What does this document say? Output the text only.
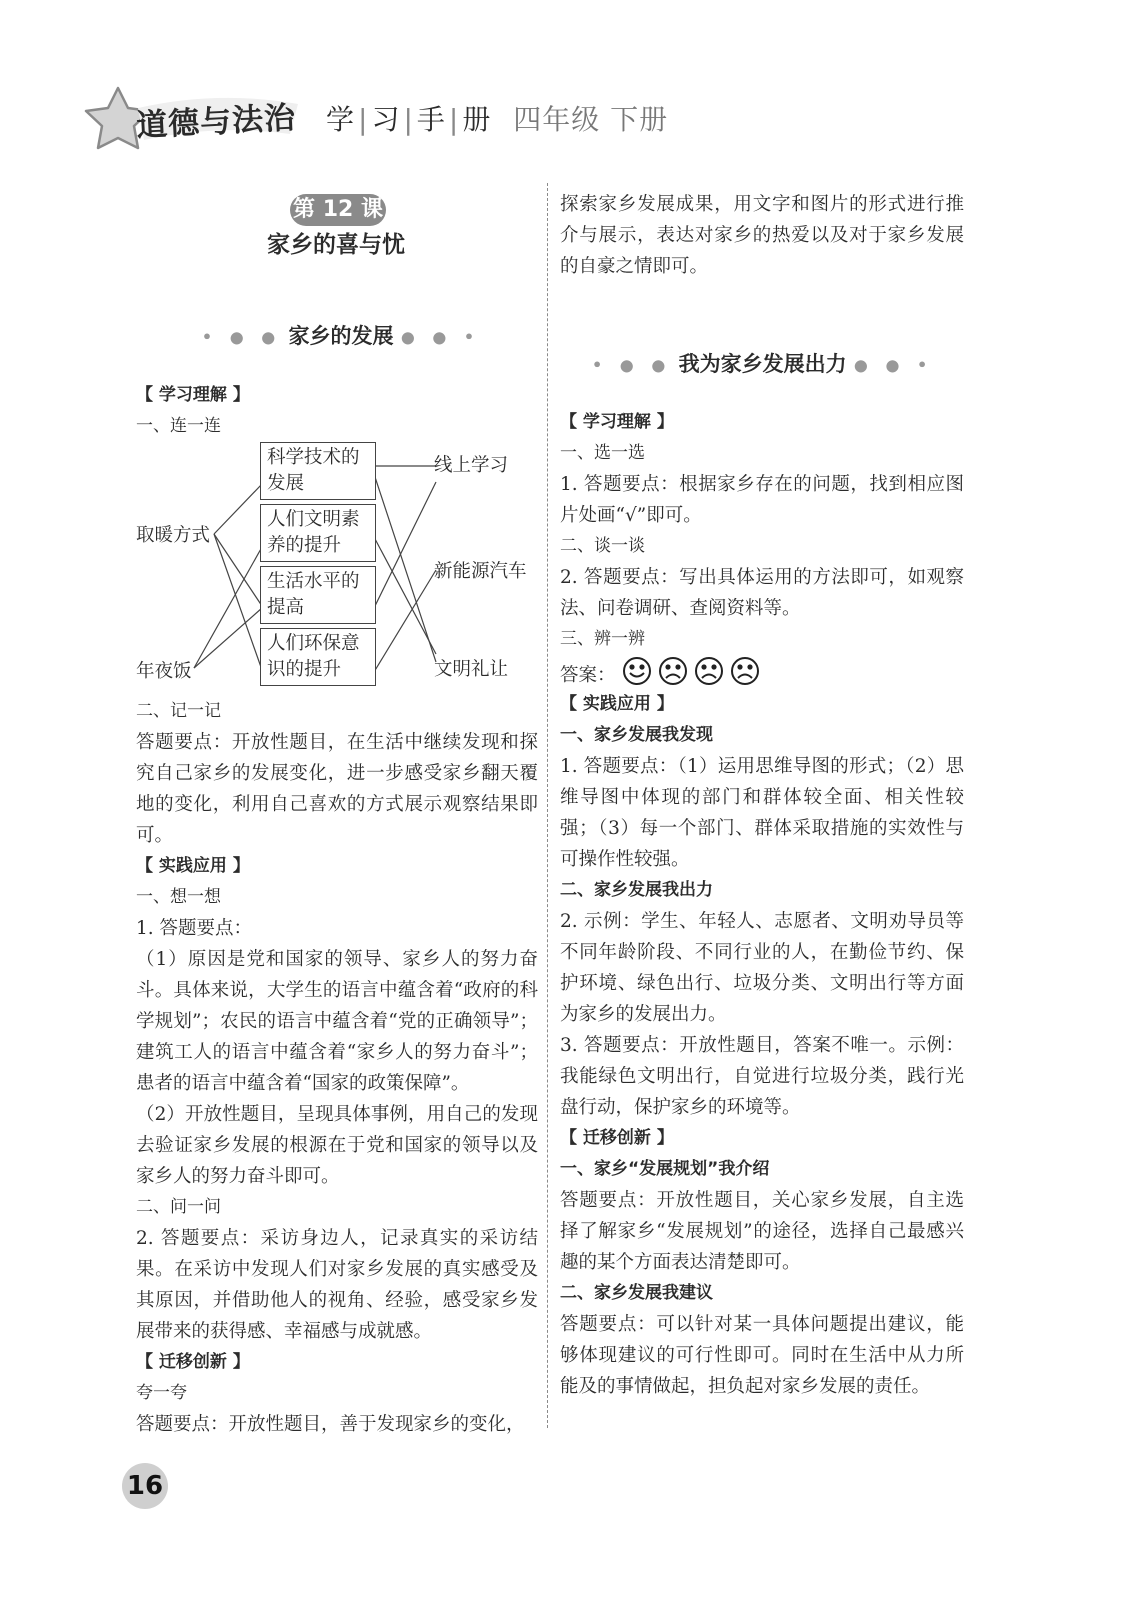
道德与法治 学 | 习 | 手 | 册 四年级 下册
第 12 课
家乡的喜与忧
• ● ● 家乡的发展 ● ● •
【 学习理解 】
一、连一连
取暖方式
年夜饭
科学技术的发展
人们文明素养的提升
生活水平的提高
人们环保意识的提升
线上学习
新能源汽车
文明礼让
二、记一记

答题要点：开放性题目，在生活中继续发现和探究自己家乡的发展变化，进一步感受家乡翻天覆地的变化，利用自己喜欢的方式展示观察结果即可。

【 实践应用 】
一、想一想

1. 答题要点：

（1）原因是党和国家的领导、家乡人的努力奋斗。具体来说，大学生的语言中蕴含着“政府的科学规划”；农民的语言中蕴含着“党的正确领导”；建筑工人的语言中蕴含着“家乡人的努力奋斗”；患者的语言中蕴含着“国家的政策保障”。

（2）开放性题目，呈现具体事例，用自己的发现去验证家乡发展的根源在于党和国家的领导以及家乡人的努力奋斗即可。

二、问一问

2. 答题要点：采访身边人，记录真实的采访结果。在采访中发现人们对家乡发展的真实感受及其原因，并借助他人的视角、经验，感受家乡发展带来的获得感、幸福感与成就感。

【 迁移创新 】
夸一夸

答题要点：开放性题目，善于发现家乡的变化，

探索家乡发展成果，用文字和图片的形式进行推介与展示，表达对家乡的热爱以及对于家乡发展的自豪之情即可。

• ● ● 我为家乡发展出力 ● ● •
【 学习理解 】
一、选一选

1. 答题要点：根据家乡存在的问题，找到相应图片处画“√”即可。

二、谈一谈

2. 答题要点：写出具体运用的方法即可，如观察法、问卷调研、查阅资料等。

三、辨一辨
答案：
【 实践应用 】
一、家乡发展我发现

1. 答题要点：（1）运用思维导图的形式；（2）思维导图中体现的部门和群体较全面、相关性较强；（3）每一个部门、群体采取措施的实效性与可操作性较强。

二、家乡发展我出力

2. 示例：学生、年轻人、志愿者、文明劝导员等不同年龄阶段、不同行业的人，在勤俭节约、保护环境、绿色出行、垃圾分类、文明出行等方面为家乡的发展出力。

3. 答题要点：开放性题目，答案不唯一。示例：我能绿色文明出行，自觉进行垃圾分类，践行光盘行动，保护家乡的环境等。

【 迁移创新 】
一、家乡“发展规划”我介绍

答题要点：开放性题目，关心家乡发展，自主选择了解家乡“发展规划”的途径，选择自己最感兴趣的某个方面表达清楚即可。

二、家乡发展我建议

答题要点：可以针对某一具体问题提出建议，能够体现建议的可行性即可。同时在生活中从力所能及的事情做起，担负起对家乡发展的责任。

16
